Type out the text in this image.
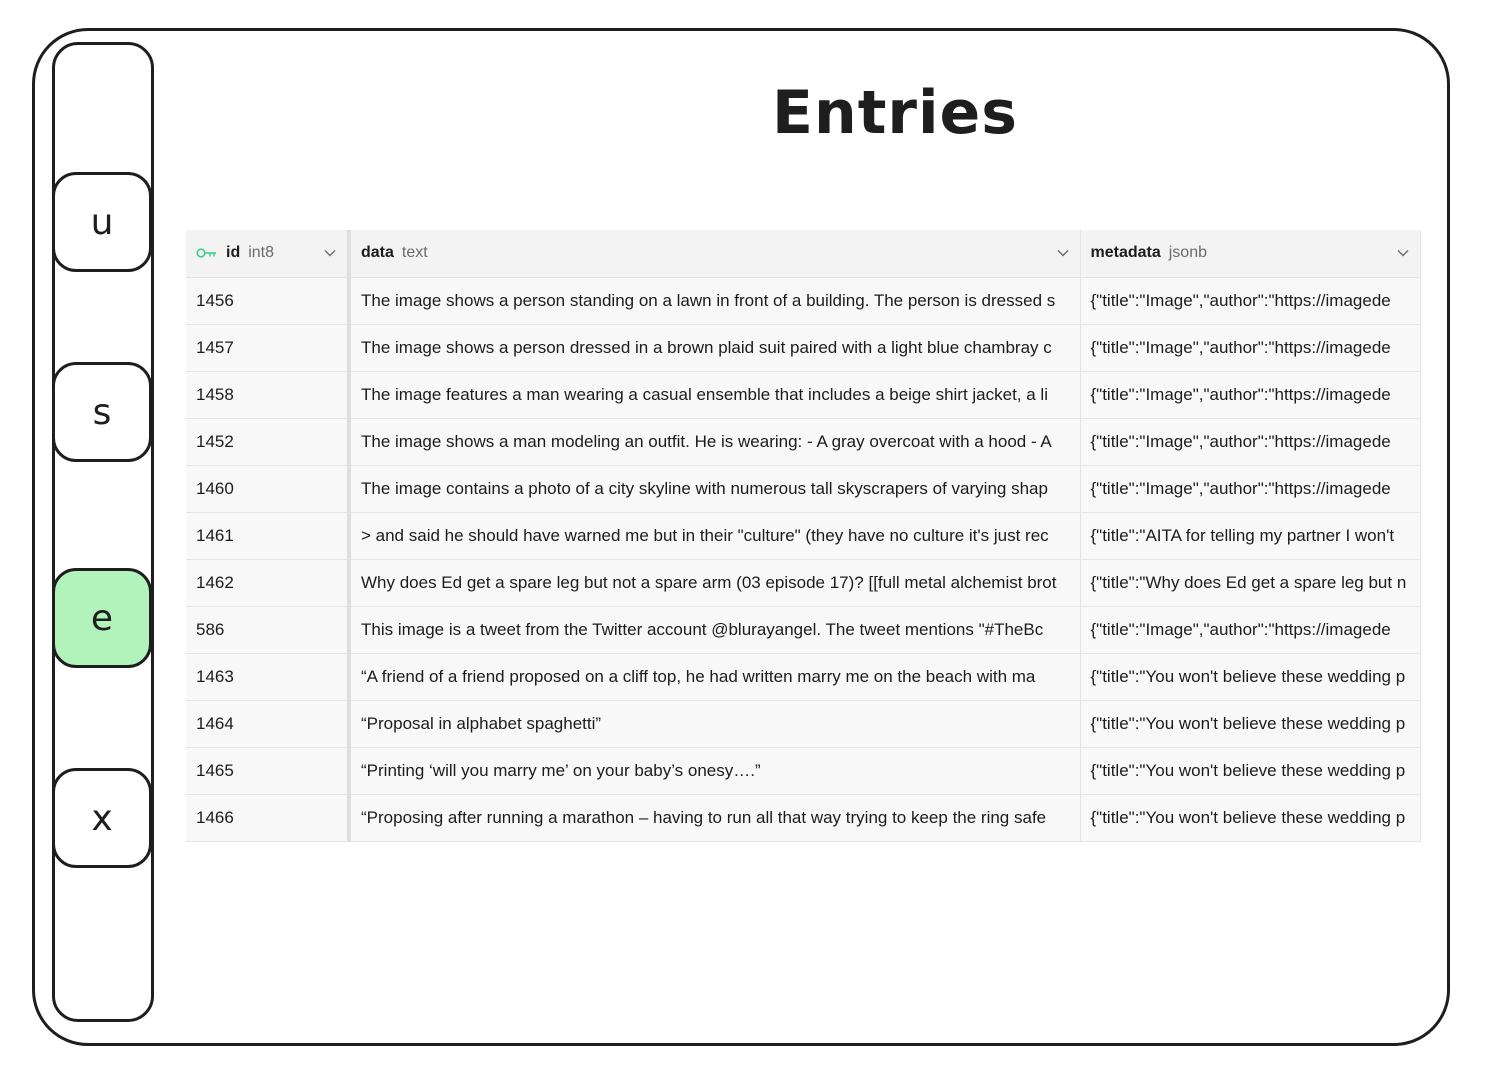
u
s
e
x
Entries
id int8	data text	metadata jsonb

1456	The image shows a person standing on a lawn in front of a building. The person is dressed s	{"title":"Image","author":"https://imagede
1457	The image shows a person dressed in a brown plaid suit paired with a light blue chambray c	{"title":"Image","author":"https://imagede
1458	The image features a man wearing a casual ensemble that includes a beige shirt jacket, a li	{"title":"Image","author":"https://imagede
1452	The image shows a man modeling an outfit. He is wearing: - A gray overcoat with a hood - A	{"title":"Image","author":"https://imagede
1460	The image contains a photo of a city skyline with numerous tall skyscrapers of varying shap	{"title":"Image","author":"https://imagede
1461	> and said he should have warned me but in their "culture" (they have no culture it's just rec	{"title":"AITA for telling my partner I won't
1462	Why does Ed get a spare leg but not a spare arm (03 episode 17)? [[full metal alchemist brot	{"title":"Why does Ed get a spare leg but n
586	This image is a tweet from the Twitter account @blurayangel. The tweet mentions "#TheBc	{"title":"Image","author":"https://imagede
1463	“A friend of a friend proposed on a cliff top, he had written marry me on the beach with ma	{"title":"You won't believe these wedding p
1464	“Proposal in alphabet spaghetti”	{"title":"You won't believe these wedding p
1465	“Printing ‘will you marry me’ on your baby’s onesy….”	{"title":"You won't believe these wedding p
1466	“Proposing after running a marathon – having to run all that way trying to keep the ring safe	{"title":"You won't believe these wedding p
